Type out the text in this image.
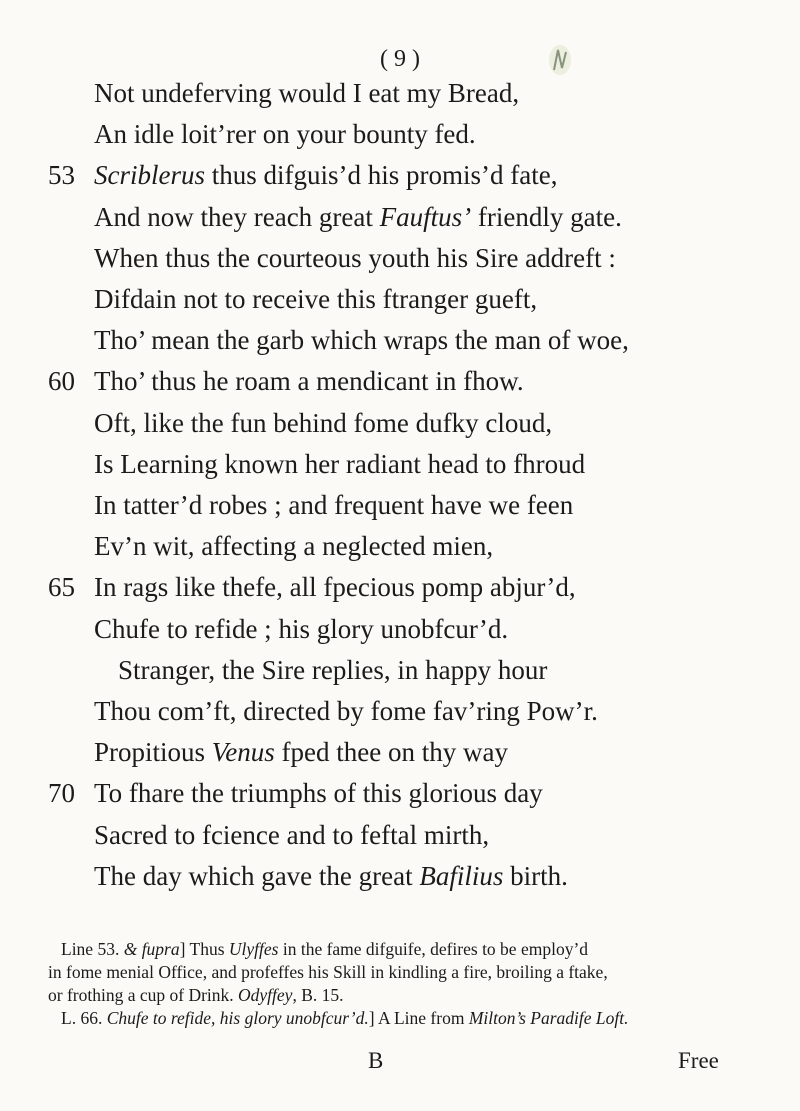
( 9 )
Not undeferving would I eat my Bread,
An idle loit’rer on your bounty fed.
53 Scriblerus thus difguis’d his promis’d fate,
And now they reach great Fauftus’ friendly gate.
When thus the courteous youth his Sire addreft :
Difdain not to receive this ftranger gueft,
Tho’ mean the garb which wraps the man of woe,
60 Tho’ thus he roam a mendicant in fhow.
Oft, like the fun behind fome dufky cloud,
Is Learning known her radiant head to fhroud
In tatter’d robes ; and frequent have we feen
Ev’n wit, affecting a neglected mien,
65 In rags like thefe, all fpecious pomp abjur’d,
Chufe to refide ; his glory unobfcur’d.
Stranger, the Sire replies, in happy hour
Thou com’ft, directed by fome fav’ring Pow’r.
Propitious Venus fped thee on thy way
70 To fhare the triumphs of this glorious day
Sacred to fcience and to feftal mirth,
The day which gave the great Bafilius birth.
Line 53. & fupra] Thus Ulyffes in the fame difguife, defires to be employ’d
in fome menial Office, and profeffes his Skill in kindling a fire, broiling a ftake,
or frothing a cup of Drink. Odyffey, B. 15.
L. 66. Chufe to refide, his glory unobfcur’d.] A Line from Milton’s Paradife Loft.
B	Free
